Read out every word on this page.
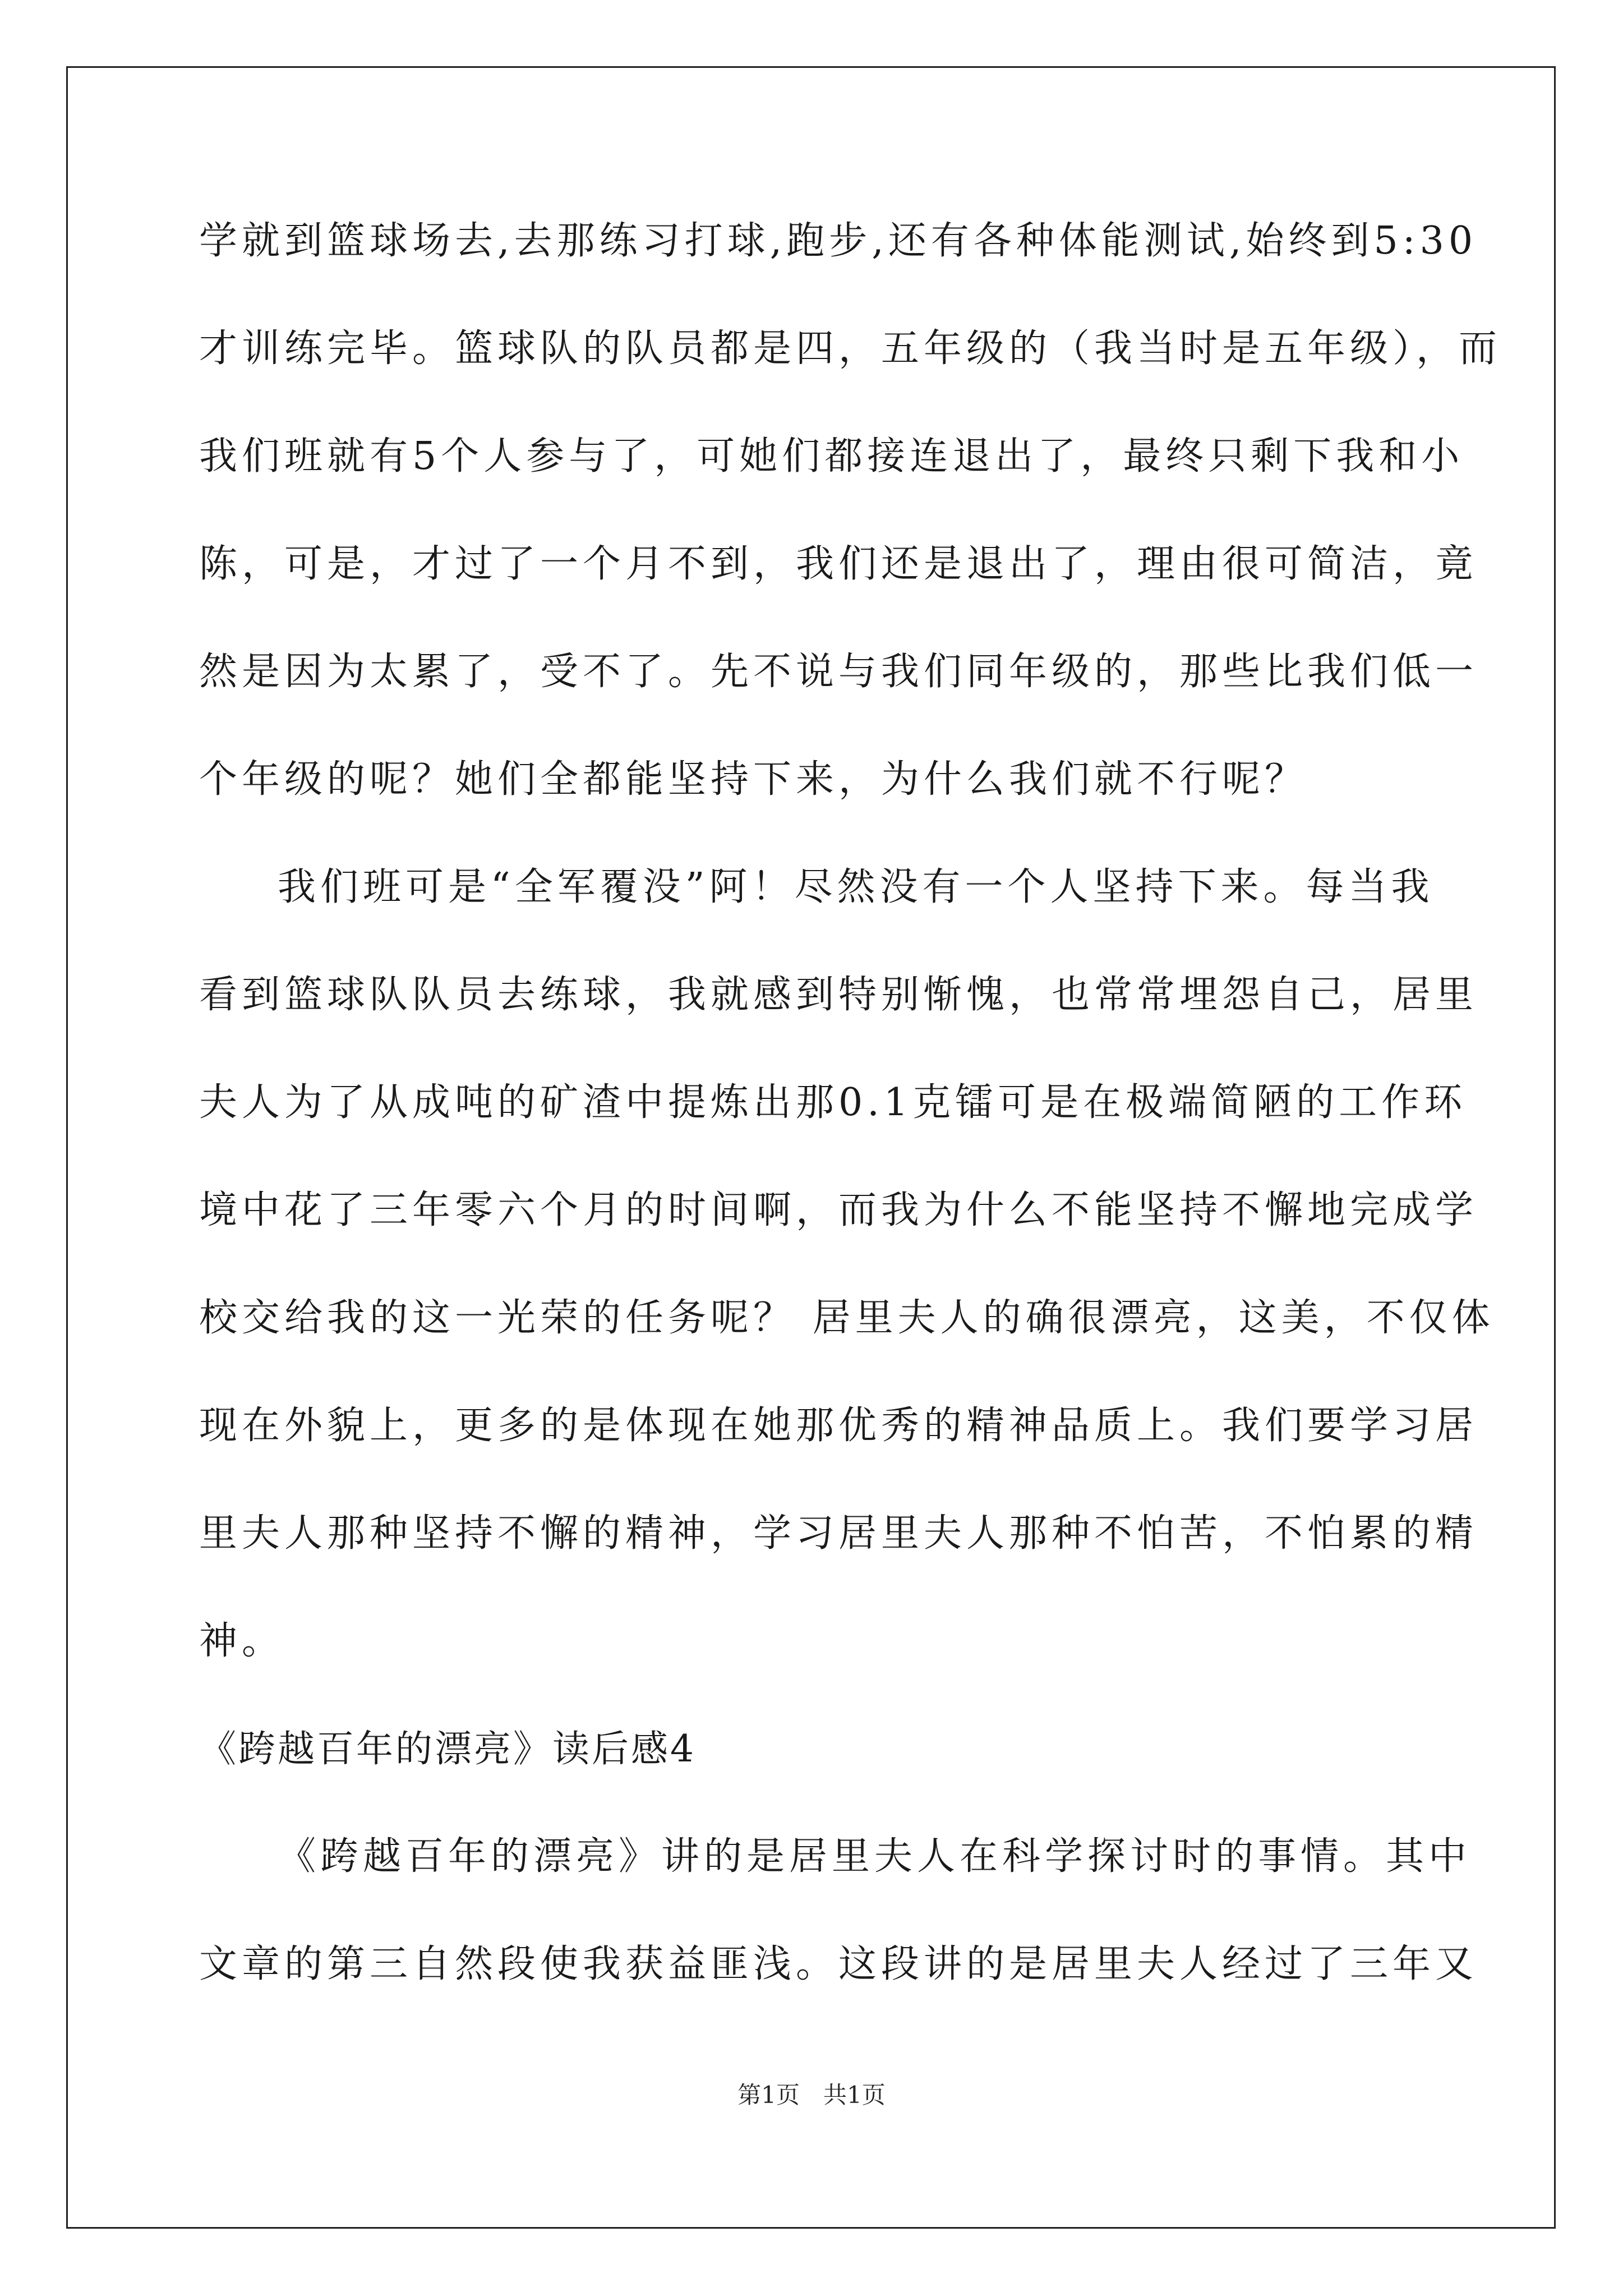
学就到篮球场去,去那练习打球,跑步,还有各种体能测试,始终到5:30
才训练完毕。篮球队的队员都是四，五年级的（我当时是五年级），而
我们班就有5个人参与了，可她们都接连退出了，最终只剩下我和小
陈，可是，才过了一个月不到，我们还是退出了，理由很可简洁，竟
然是因为太累了，受不了。先不说与我们同年级的，那些比我们低一
个年级的呢？她们全都能坚持下来，为什么我们就不行呢？
我们班可是“全军覆没”阿！尽然没有一个人坚持下来。每当我
看到篮球队队员去练球，我就感到特别惭愧，也常常埋怨自己，居里
夫人为了从成吨的矿渣中提炼出那0.1克镭可是在极端简陋的工作环
境中花了三年零六个月的时间啊，而我为什么不能坚持不懈地完成学
校交给我的这一光荣的任务呢？ 居里夫人的确很漂亮，这美，不仅体
现在外貌上，更多的是体现在她那优秀的精神品质上。我们要学习居
里夫人那种坚持不懈的精神，学习居里夫人那种不怕苦，不怕累的精
神。
《跨越百年的漂亮》读后感4
《跨越百年的漂亮》讲的是居里夫人在科学探讨时的事情。其中
文章的第三自然段使我获益匪浅。这段讲的是居里夫人经过了三年又
第1页　共1页
